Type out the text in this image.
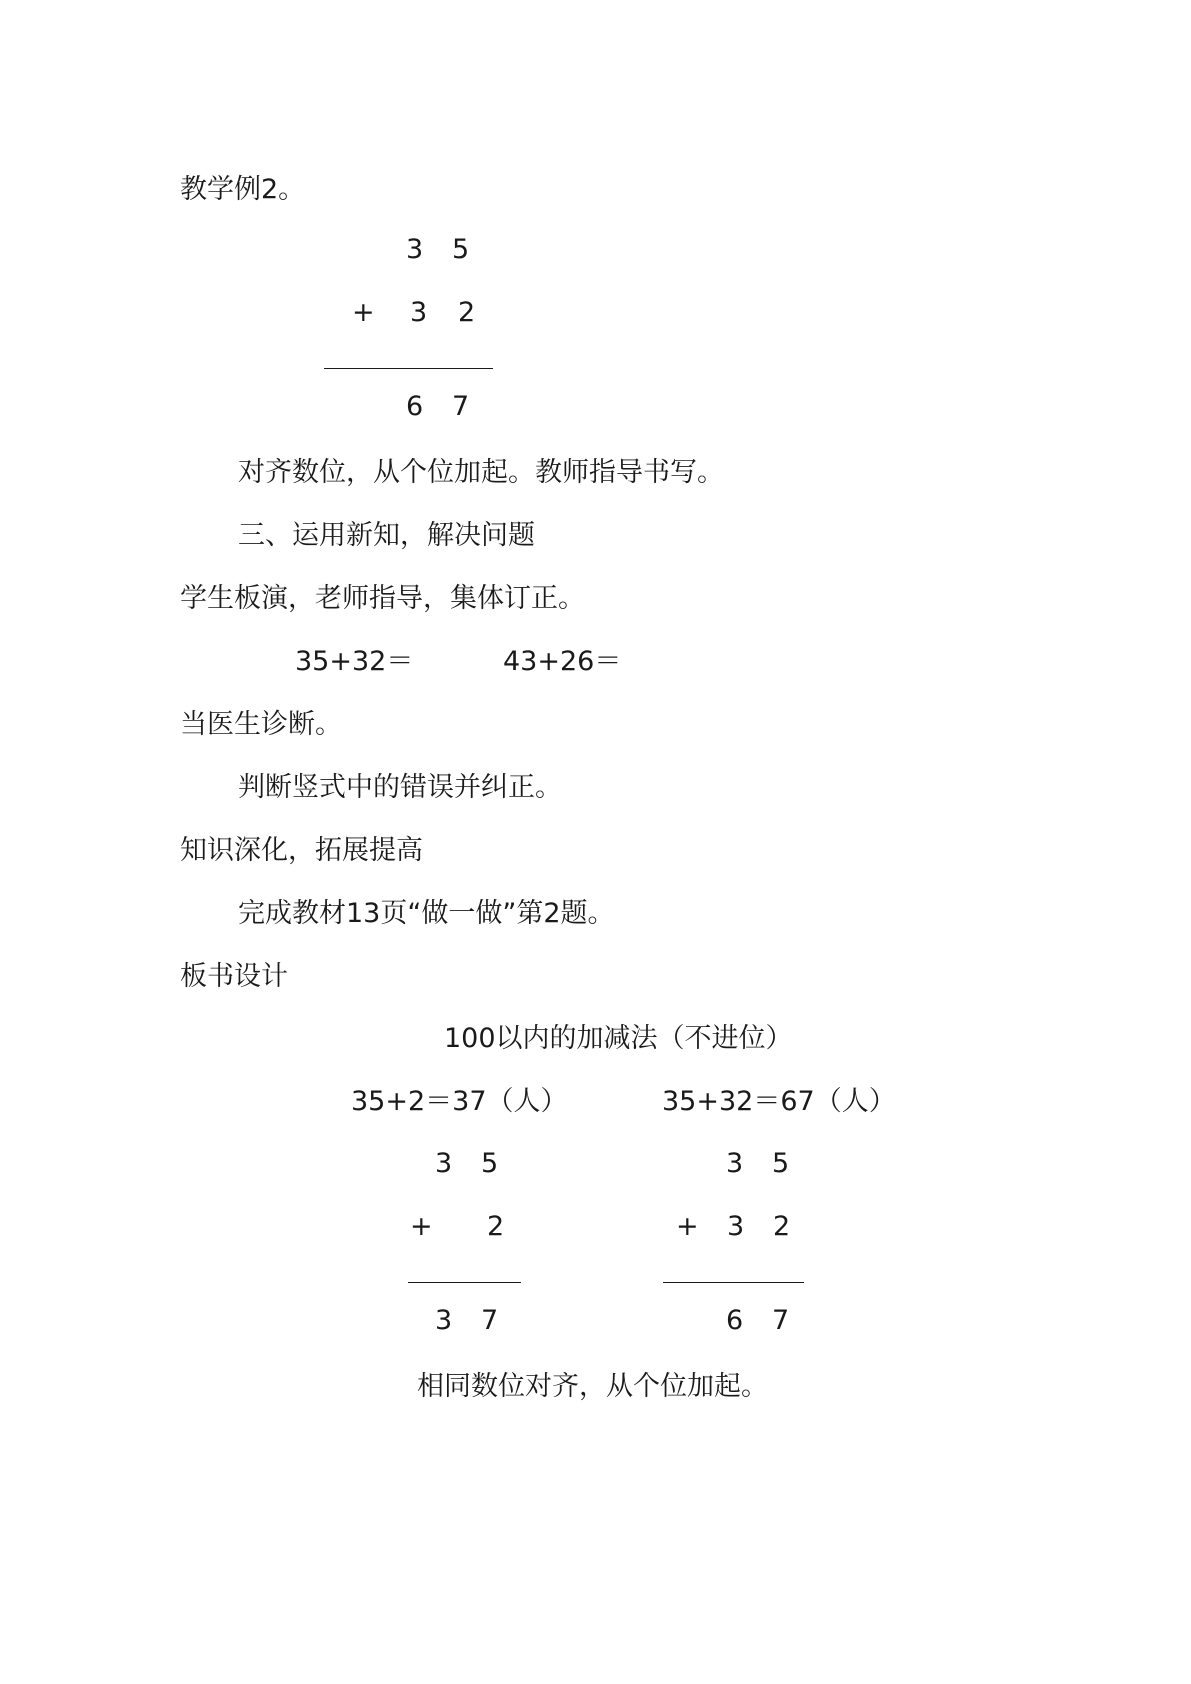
教学例2。
3 5
+ 3 2
6 7
对齐数位，从个位加起。教师指导书写。
三、运用新知，解决问题
学生板演，老师指导，集体订正。
35+32＝	43+26＝
当医生诊断。
判断竖式中的错误并纠正。
知识深化，拓展提高
完成教材13页“做一做”第2题。
板书设计
100以内的加减法（不进位）
35+2＝37（人）	35+32＝67（人）
3 5
+ 2
3 7
3 5
+ 3 2
6 7
相同数位对齐，从个位加起。
